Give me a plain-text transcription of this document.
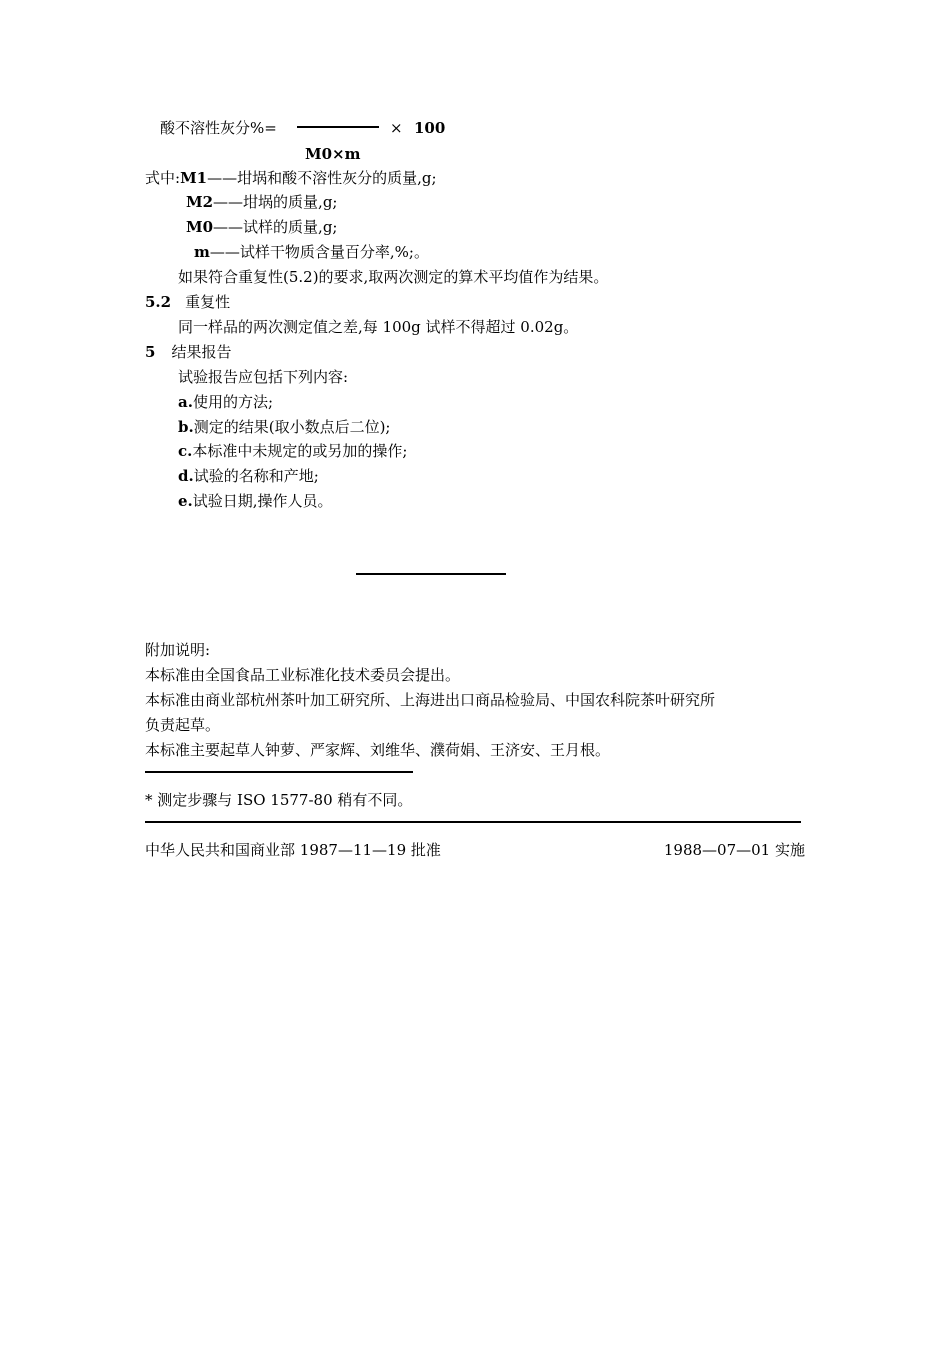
酸不溶性灰分%=	× 100
M0×m
式中:M1——坩埚和酸不溶性灰分的质量,g;
M2——坩埚的质量,g;
M0——试样的质量,g;
m——试样干物质含量百分率,%;。
如果符合重复性(5.2)的要求,取两次测定的算术平均值作为结果。
5.2 重复性
同一样品的两次测定值之差,每 100g 试样不得超过 0.02g。
5 结果报告
试验报告应包括下列内容:
a.使用的方法;
b.测定的结果(取小数点后二位);
c.本标准中未规定的或另加的操作;
d.试验的名称和产地;
e.试验日期,操作人员。
附加说明:
本标准由全国食品工业标准化技术委员会提出。
本标准由商业部杭州茶叶加工研究所、上海进出口商品检验局、中国农科院茶叶研究所
负责起草。
本标准主要起草人钟萝、严家辉、刘维华、濮荷娟、王济安、王月根。
* 测定步骤与 ISO 1577-80 稍有不同。
中华人民共和国商业部 1987—11—19 批准	1988—07—01 实施
